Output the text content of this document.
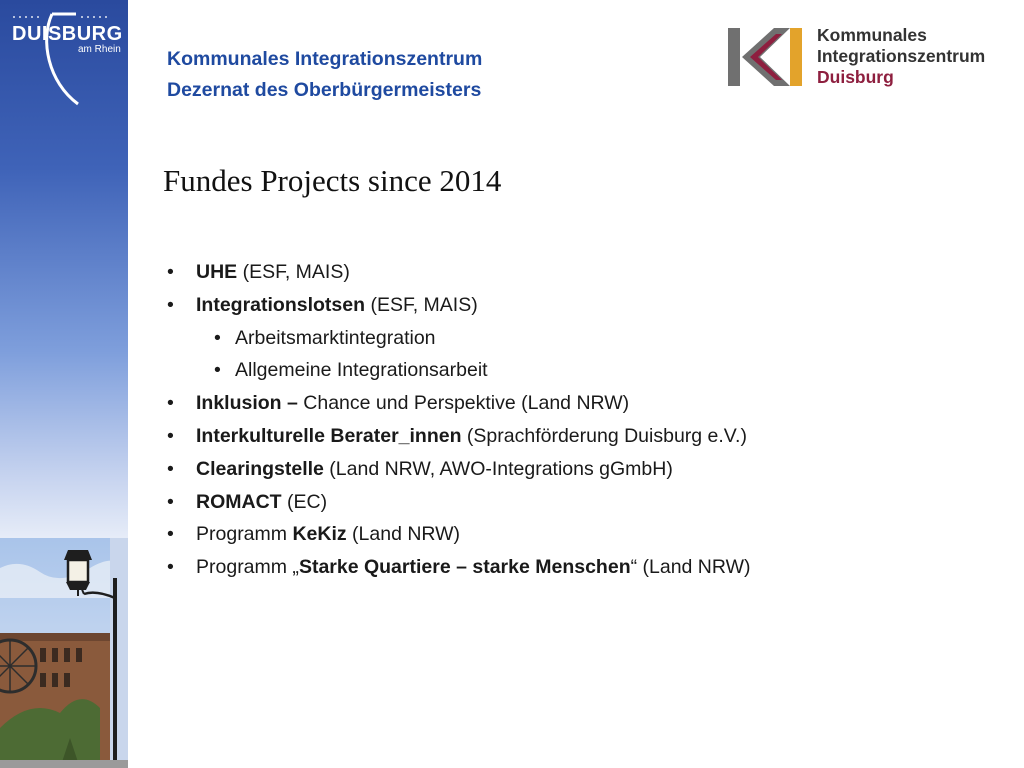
DUISBURG
am Rhein Kommunales Integrationszentrum
Dezernat des Oberbürgermeisters
Kommunales
Integrationszentrum
Duisburg
Fundes Projects since 2014
• UHE (ESF, MAIS)
• Integrationslotsen (ESF, MAIS)
• Arbeitsmarktintegration
• Allgemeine Integrationsarbeit
• Inklusion – Chance und Perspektive (Land NRW)
• Interkulturelle Berater_innen (Sprachförderung Duisburg e.V.)
• Clearingstelle (Land NRW, AWO-Integrations gGmbH)
• ROMACT (EC)
• Programm KeKiz (Land NRW)
• Programm „Starke Quartiere – starke Menschen“ (Land NRW)
